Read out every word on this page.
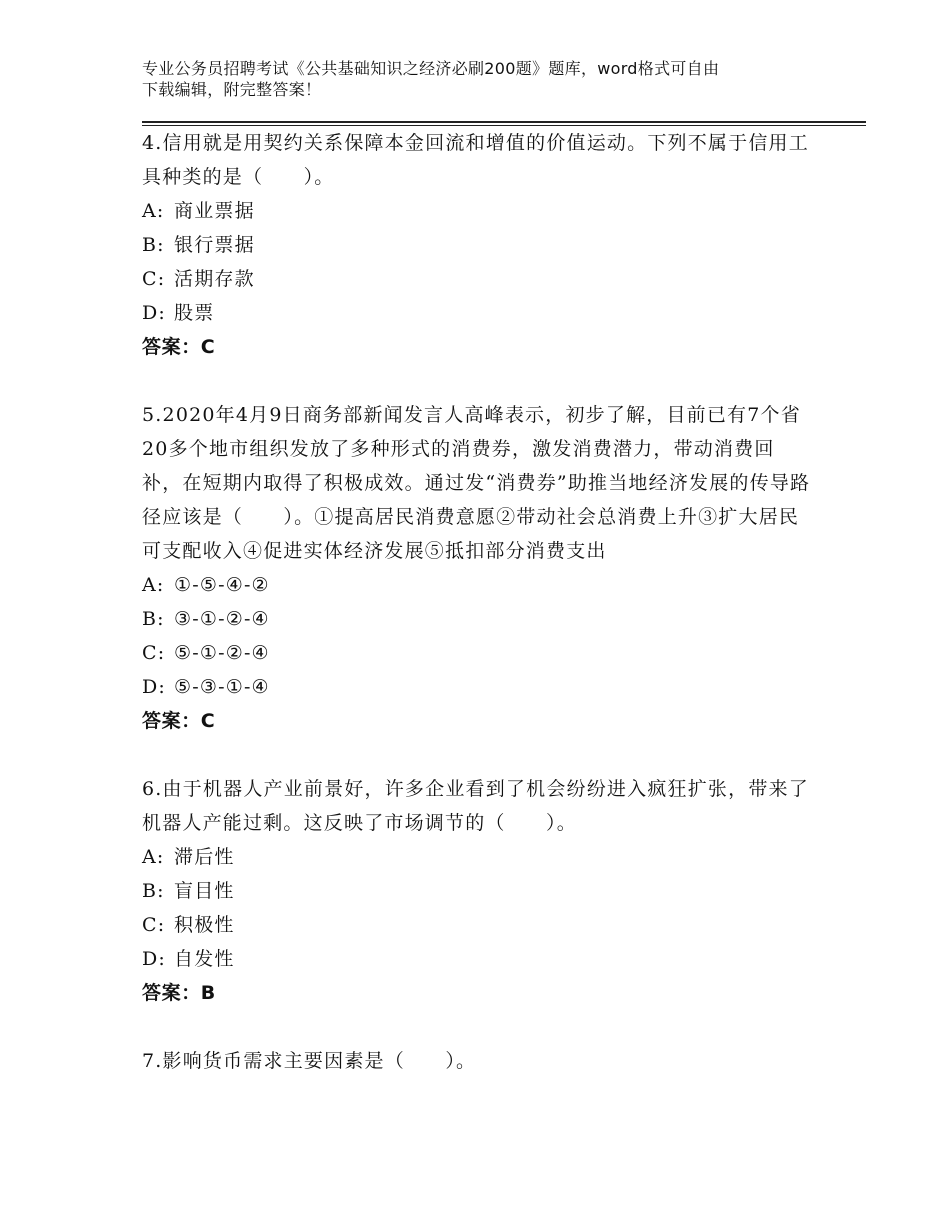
专业公务员招聘考试《公共基础知识之经济必刷200题》题库，word格式可自由
下载编辑，附完整答案！

4.信用就是用契约关系保障本金回流和增值的价值运动。下列不属于信用工具种类的是（　　）。

A: 商业票据
B: 银行票据
C: 活期存款
D: 股票
答案：C

5.2020年4月9日商务部新闻发言人高峰表示，初步了解，目前已有7个省20多个地市组织发放了多种形式的消费券，激发消费潜力，带动消费回补，在短期内取得了积极成效。通过发“消费券”助推当地经济发展的传导路径应该是（　　）。①提高居民消费意愿②带动社会总消费上升③扩大居民可支配收入④促进实体经济发展⑤抵扣部分消费支出

A: ①-⑤-④-②
B: ③-①-②-④
C: ⑤-①-②-④
D: ⑤-③-①-④
答案：C

6.由于机器人产业前景好，许多企业看到了机会纷纷进入疯狂扩张，带来了机器人产能过剩。这反映了市场调节的（　　）。

A: 滞后性
B: 盲目性
C: 积极性
D: 自发性
答案：B

7.影响货币需求主要因素是（　　）。
